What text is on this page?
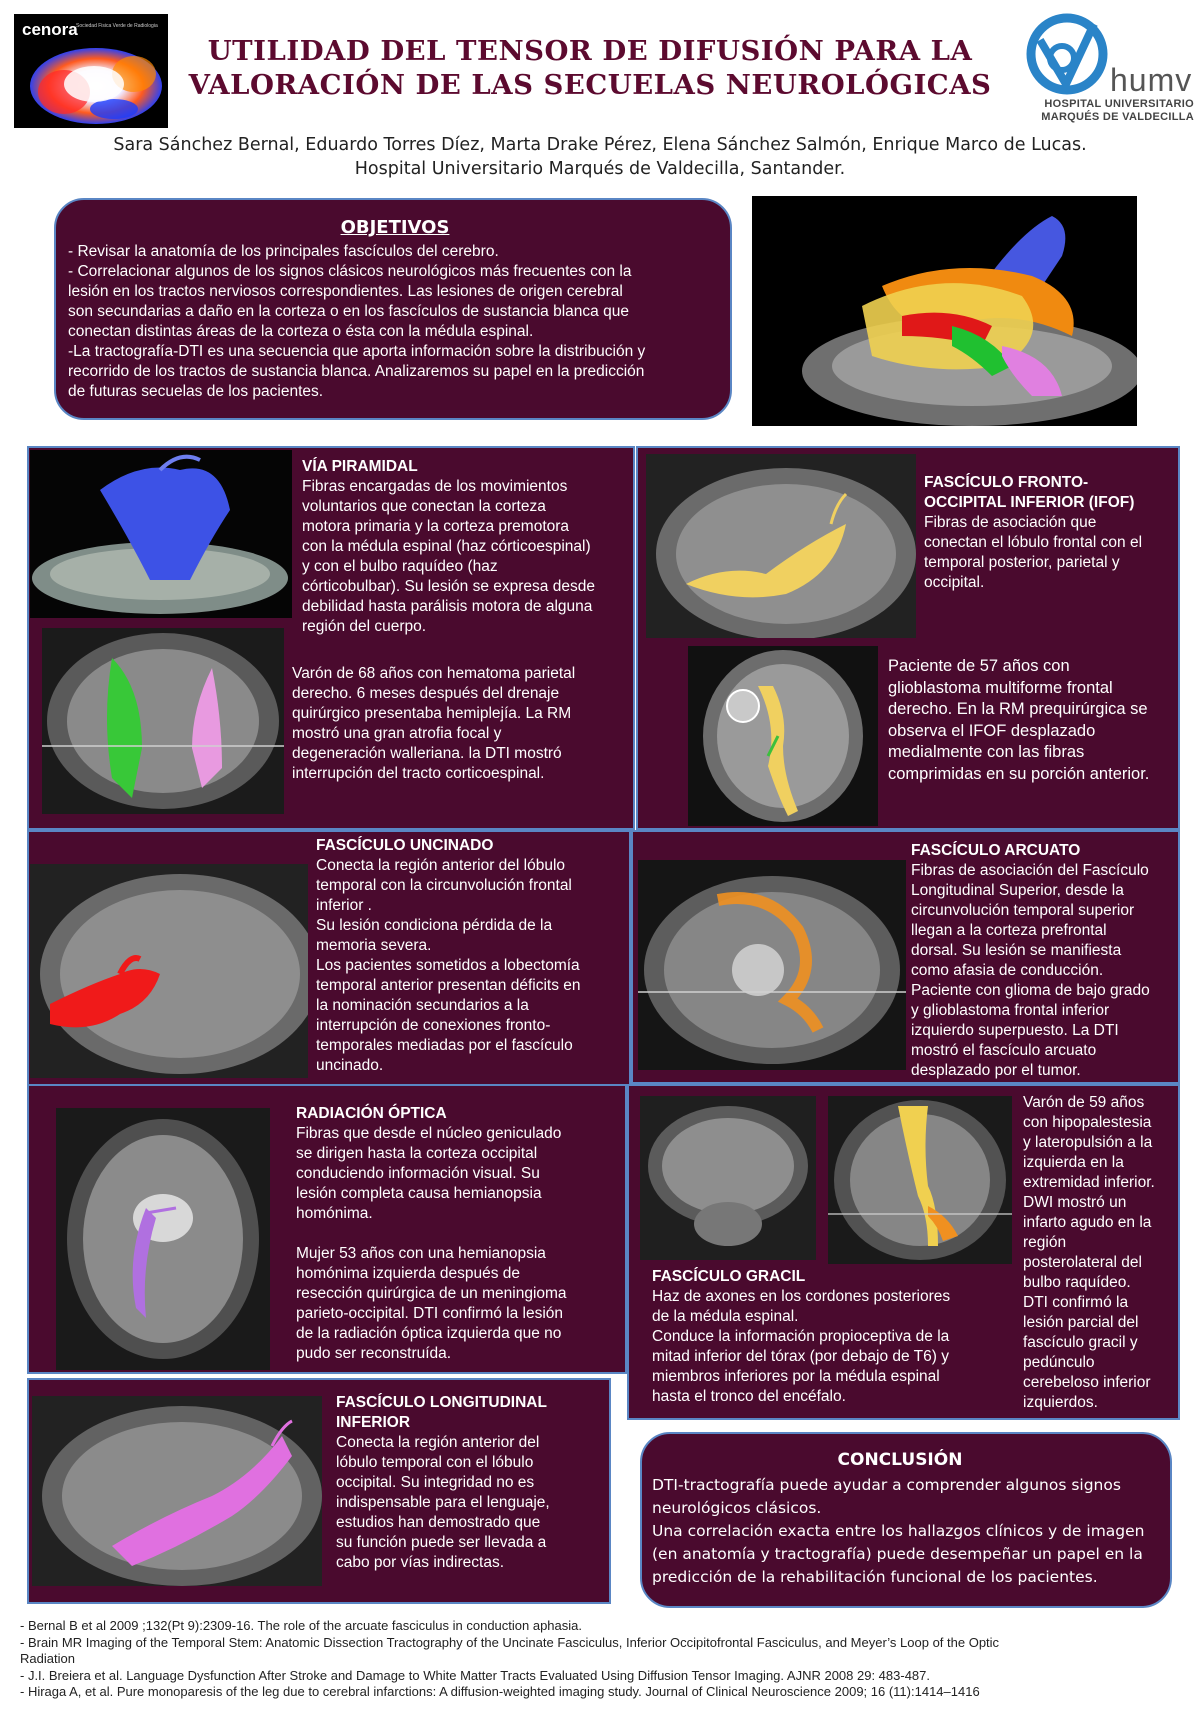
cenora
Sociedad Fisica Verde de Radiologia
UTILIDAD DEL TENSOR DE DIFUSIÓN PARA LA
VALORACIÓN DE LAS SECUELAS NEUROLÓGICAS	humv
HOSPITAL UNIVERSITARIO
MARQUÉS DE VALDECILLA
Sara Sánchez Bernal, Eduardo Torres Díez, Marta Drake Pérez, Elena Sánchez Salmón, Enrique Marco de Lucas.
Hospital Universitario Marqués de Valdecilla, Santander.
OBJETIVOS
- Revisar la anatomía de los principales fascículos del cerebro.
- Correlacionar algunos de los signos clásicos neurológicos más frecuentes con la
lesión en los tractos nerviosos correspondientes. Las lesiones de origen cerebral
son secundarias a daño en la corteza o en los fascículos de sustancia blanca que
conectan distintas áreas de la corteza o ésta con la médula espinal.
-La tractografía-DTI es una secuencia que aporta información sobre la distribución y
recorrido de los tractos de sustancia blanca. Analizaremos su papel en la predicción
de futuras secuelas de los pacientes.
VÍA PIRAMIDAL
Fibras encargadas de los movimientos
voluntarios que conectan la corteza
motora primaria y la corteza premotora
con la médula espinal (haz córticoespinal)
y con el bulbo raquídeo (haz
córticobulbar). Su lesión se expresa desde
debilidad hasta parálisis motora de alguna
región del cuerpo.
Varón de 68 años con hematoma parietal
derecho. 6 meses después del drenaje
quirúrgico presentaba hemiplejía. La RM
mostró una gran atrofia focal y
degeneración walleriana. la DTI mostró
interrupción del tracto corticoespinal.
FASCÍCULO FRONTO-
OCCIPITAL INFERIOR (IFOF)
Fibras de asociación que
conectan el lóbulo frontal con el
temporal posterior, parietal y
occipital.
Paciente de 57 años con
glioblastoma multiforme frontal
derecho. En la RM prequirúrgica se
observa el IFOF desplazado
medialmente con las fibras
comprimidas en su porción anterior.
FASCÍCULO UNCINADO
Conecta la región anterior del lóbulo
temporal con la circunvolución frontal
inferior .
Su lesión condiciona pérdida de la
memoria severa.
Los pacientes sometidos a lobectomía
temporal anterior presentan déficits en
la nominación secundarios a la
interrupción de conexiones fronto-
temporales mediadas por el fascículo
uncinado.
FASCÍCULO ARCUATO
Fibras de asociación del Fascículo
Longitudinal Superior, desde la
circunvolución temporal superior
llegan a la corteza prefrontal
dorsal. Su lesión se manifiesta
como afasia de conducción.
Paciente con glioma de bajo grado
y glioblastoma frontal inferior
izquierdo superpuesto. La DTI
mostró el fascículo arcuato
desplazado por el tumor.
RADIACIÓN ÓPTICA
Fibras que desde el núcleo geniculado
se dirigen hasta la corteza occipital
conduciendo información visual. Su
lesión completa causa hemianopsia
homónima.
Mujer 53 años con una hemianopsia
homónima izquierda después de
resección quirúrgica de un meningioma
parieto-occipital. DTI confirmó la lesión
de la radiación óptica izquierda que no
pudo ser reconstruída.
FASCÍCULO GRACIL
Haz de axones en los cordones posteriores
de la médula espinal.
Conduce la información propioceptiva de la
mitad inferior del tórax (por debajo de T6) y
miembros inferiores por la médula espinal
hasta el tronco del encéfalo.
Varón de 59 años
con hipopalestesia
y lateropulsión a la
izquierda en la
extremidad inferior.
DWI mostró un
infarto agudo en la
región
posterolateral del
bulbo raquídeo.
DTI confirmó la
lesión parcial del
fascículo gracil y
pedúnculo
cerebeloso inferior
izquierdos.
FASCÍCULO LONGITUDINAL
INFERIOR
Conecta la región anterior del
lóbulo temporal con el lóbulo
occipital. Su integridad no es
indispensable para el lenguaje,
estudios han demostrado que
su función puede ser llevada a
cabo por vías indirectas.
CONCLUSIÓN
DTI-tractografía puede ayudar a comprender algunos signos
neurológicos clásicos.
Una correlación exacta entre los hallazgos clínicos y de imagen
(en anatomía y tractografía) puede desempeñar un papel en la
predicción de la rehabilitación funcional de los pacientes.
- Bernal B et al 2009 ;132(Pt 9):2309-16. The role of the arcuate fasciculus in conduction aphasia.
- Brain MR Imaging of the Temporal Stem: Anatomic Dissection Tractography of the Uncinate Fasciculus, Inferior Occipitofrontal Fasciculus, and Meyer’s Loop of the Optic
Radiation
- J.I. Breiera et al. Language Dysfunction After Stroke and Damage to White Matter Tracts Evaluated Using Diffusion Tensor Imaging. AJNR 2008 29: 483-487.
- Hiraga A, et al. Pure monoparesis of the leg due to cerebral infarctions: A diffusion-weighted imaging study. Journal of Clinical Neuroscience 2009; 16 (11):1414–1416
